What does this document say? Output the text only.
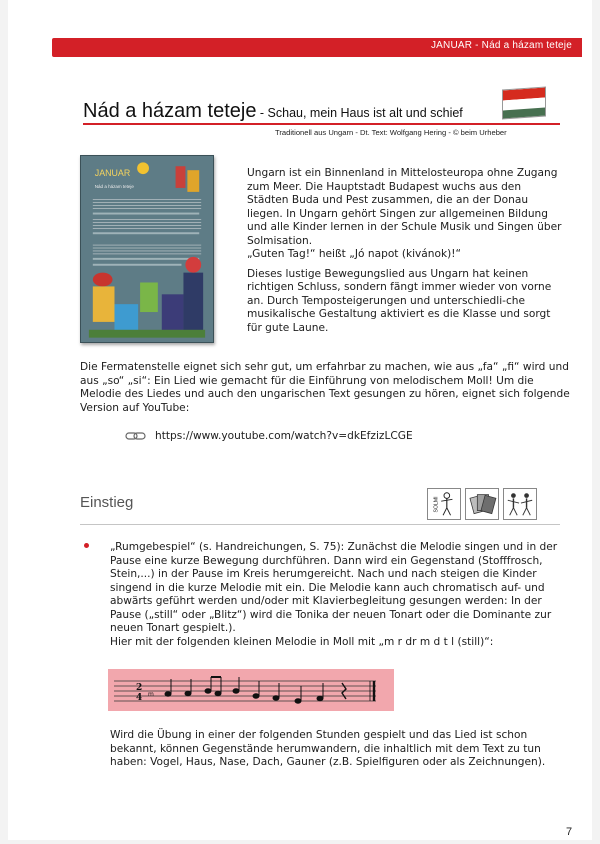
JANUAR - Nád a házam teteje
Nád a házam teteje - Schau, mein Haus ist alt und schief
Traditionell aus Ungarn - Dt. Text: Wolfgang Hering - © beim Urheber
JANUAR
Nád a házam teteje

Ungarn ist ein Binnenland in Mittelosteuropa ohne Zugang zum Meer. Die Hauptstadt Budapest wuchs aus den Städten Buda und Pest zusammen, die an der Donau liegen. In Ungarn gehört Singen zur allgemeinen Bildung und alle Kinder lernen in der Schule Musik und Singen über Solmisation.
„Guten Tag!“ heißt „Jó napot (kivánok)!“

Dieses lustige Bewegungslied aus Ungarn hat keinen richtigen Schluss, sondern fängt immer wieder von vorne an. Durch Temposteigerungen und unterschiedli-che musikalische Gestaltung aktiviert es die Klasse und sorgt für gute Laune.

Die Fermatenstelle eignet sich sehr gut, um erfahrbar zu machen, wie aus „fa“ „fi“ wird und aus „so“ „si“: Ein Lied wie gemacht für die Einführung von melodischem Moll! Um die Melodie des Liedes und auch den ungarischen Text gesungen zu hören, eignet sich folgende Version auf YouTube:
https://www.youtube.com/watch?v=dkEfzizLCGE
Einstieg	SOLMI
„Rumgebespiel“ (s. Handreichungen, S. 75): Zunächst die Melodie singen und in der Pause eine kurze Bewegung durchführen. Dann wird ein Gegenstand (Stofffrosch, Stein,...) in der Pause im Kreis herumgereicht. Nach und nach steigen die Kinder singend in die kurze Melodie mit ein. Die Melodie kann auch chromatisch auf- und abwärts geführt werden und/oder mit Klavierbegleitung gesungen werden: In der Pause („still“ oder „Blitz“) wird die Tonika der neuen Tonart oder die Dominante zur neuen Tonart gespielt.).
Hier mit der folgenden kleinen Melodie in Moll mit „m r dr m d t l (still)“:
2
4 m
Wird die Übung in einer der folgenden Stunden gespielt und das Lied ist schon bekannt, können Gegenstände herumwandern, die inhaltlich mit dem Text zu tun haben: Vogel, Haus, Nase, Dach, Gauner (z.B. Spielfiguren oder als Zeichnungen).
7
